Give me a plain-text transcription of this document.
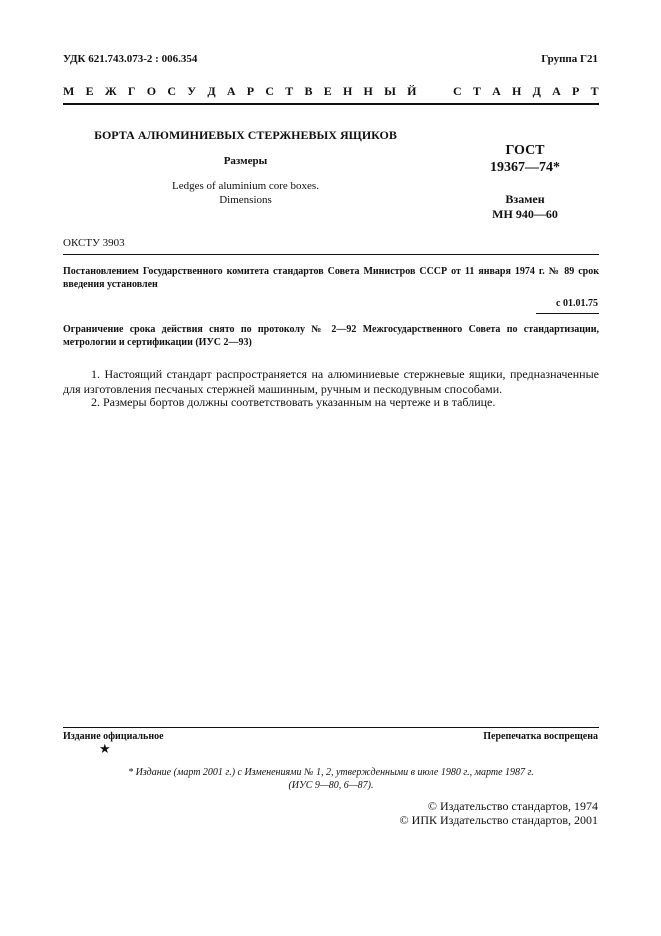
УДК 621.743.073-2 : 006.354	Группа Г21
М Е Ж Г О С У Д А Р С Т В Е Н Н Ы Й	С Т А Н Д А Р Т
БОРТА АЛЮМИНИЕВЫХ СТЕРЖНЕВЫХ ЯЩИКОВ
Размеры
Ledges of aluminium core boxes.
Dimensions
ГОСТ
19367—74*
Взамен
МН 940—60
ОКСТУ 3903
Постановлением Государственного комитета стандартов Совета Министров СССР от 11 января 1974 г. № 89 срок введения установлен
с 01.01.75
Ограничение срока действия снято по протоколу № 2—92 Межгосударственного Совета по стандартизации, метрологии и сертификации (ИУС 2—93)
1. Настоящий стандарт распространяется на алюминиевые стержневые ящики, предназначенные для изготовления песчаных стержней машинным, ручным и пескодувным способами.
2. Размеры бортов должны соответствовать указанным на чертеже и в таблице.
Издание официальное	Перепечатка воспрещена
★
* Издание (март 2001 г.) с Изменениями № 1, 2, утвержденными в июле 1980 г., марте 1987 г.
(ИУС 9—80, 6—87).
© Издательство стандартов, 1974
© ИПК Издательство стандартов, 2001
